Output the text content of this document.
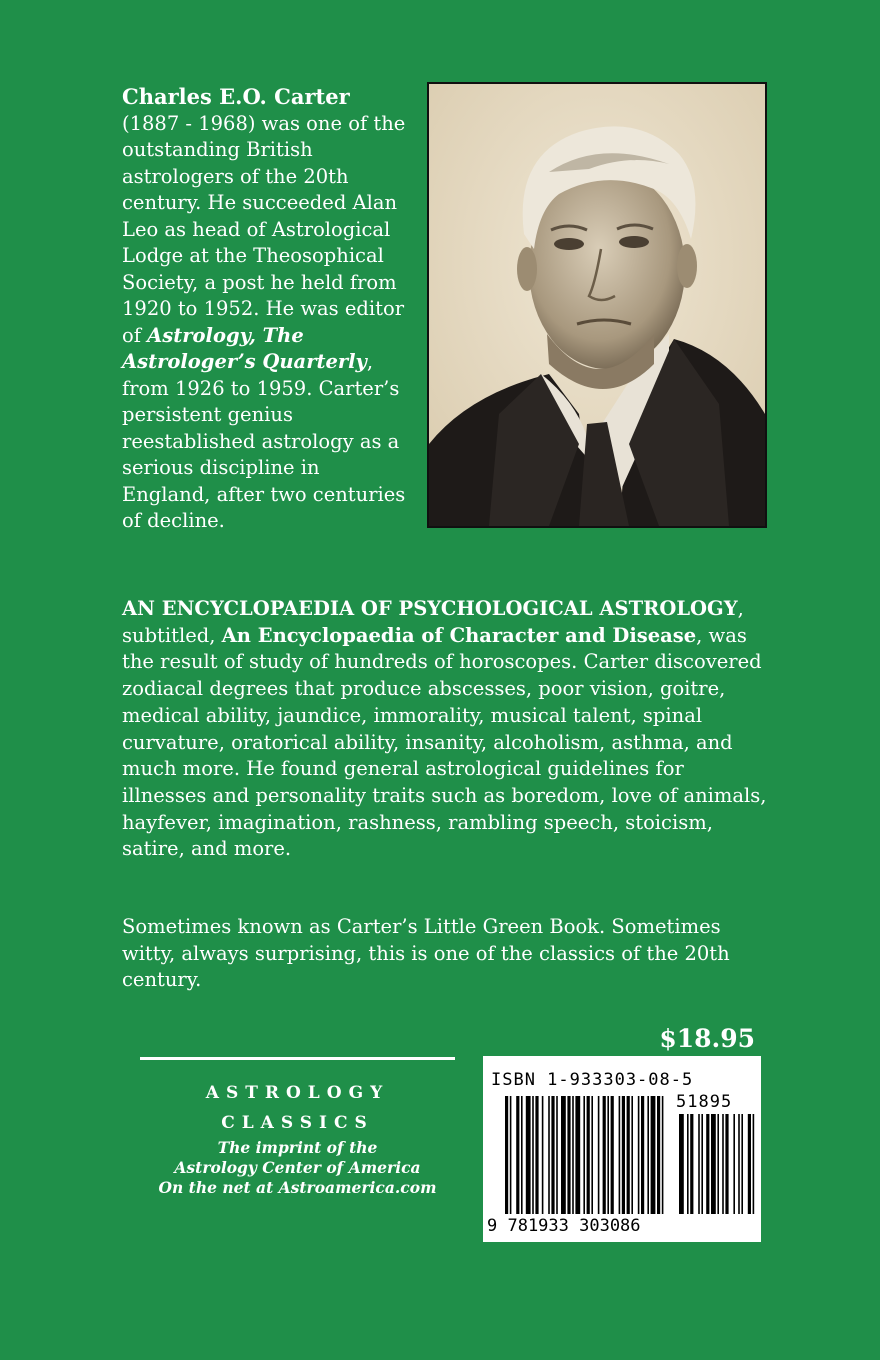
Charles E.O. Carter
(1887 - 1968) was one of the outstanding British astrologers of the 20th century. He succeeded Alan Leo as head of Astrological Lodge at the Theosophical Society, a post he held from 1920 to 1952. He was editor of Astrology, The Astrologer’s Quarterly, from 1926 to 1959. Carter’s persistent genius reestablished astrology as a serious discipline in England, after two centuries of decline.
AN ENCYCLOPAEDIA OF PSYCHOLOGICAL ASTROLOGY, subtitled, An Encyclopaedia of Character and Disease, was the result of study of hundreds of horoscopes. Carter discovered zodiacal degrees that produce abscesses, poor vision, goitre, medical ability, jaundice, immorality, musical talent, spinal curvature, oratorical ability, insanity, alcoholism, asthma, and much more. He found general astrological guidelines for illnesses and personality traits such as boredom, love of animals, hayfever, imagination, rashness, rambling speech, stoicism, satire, and more.
Sometimes known as Carter’s Little Green Book. Sometimes witty, always surprising, this is one of the classics of the 20th century.
ASTROLOGY
CLASSICS
The imprint of the
Astrology Center of America
On the net at Astroamerica.com
$18.95
ISBN 1-933303-08-5
51895
9 781933 303086
